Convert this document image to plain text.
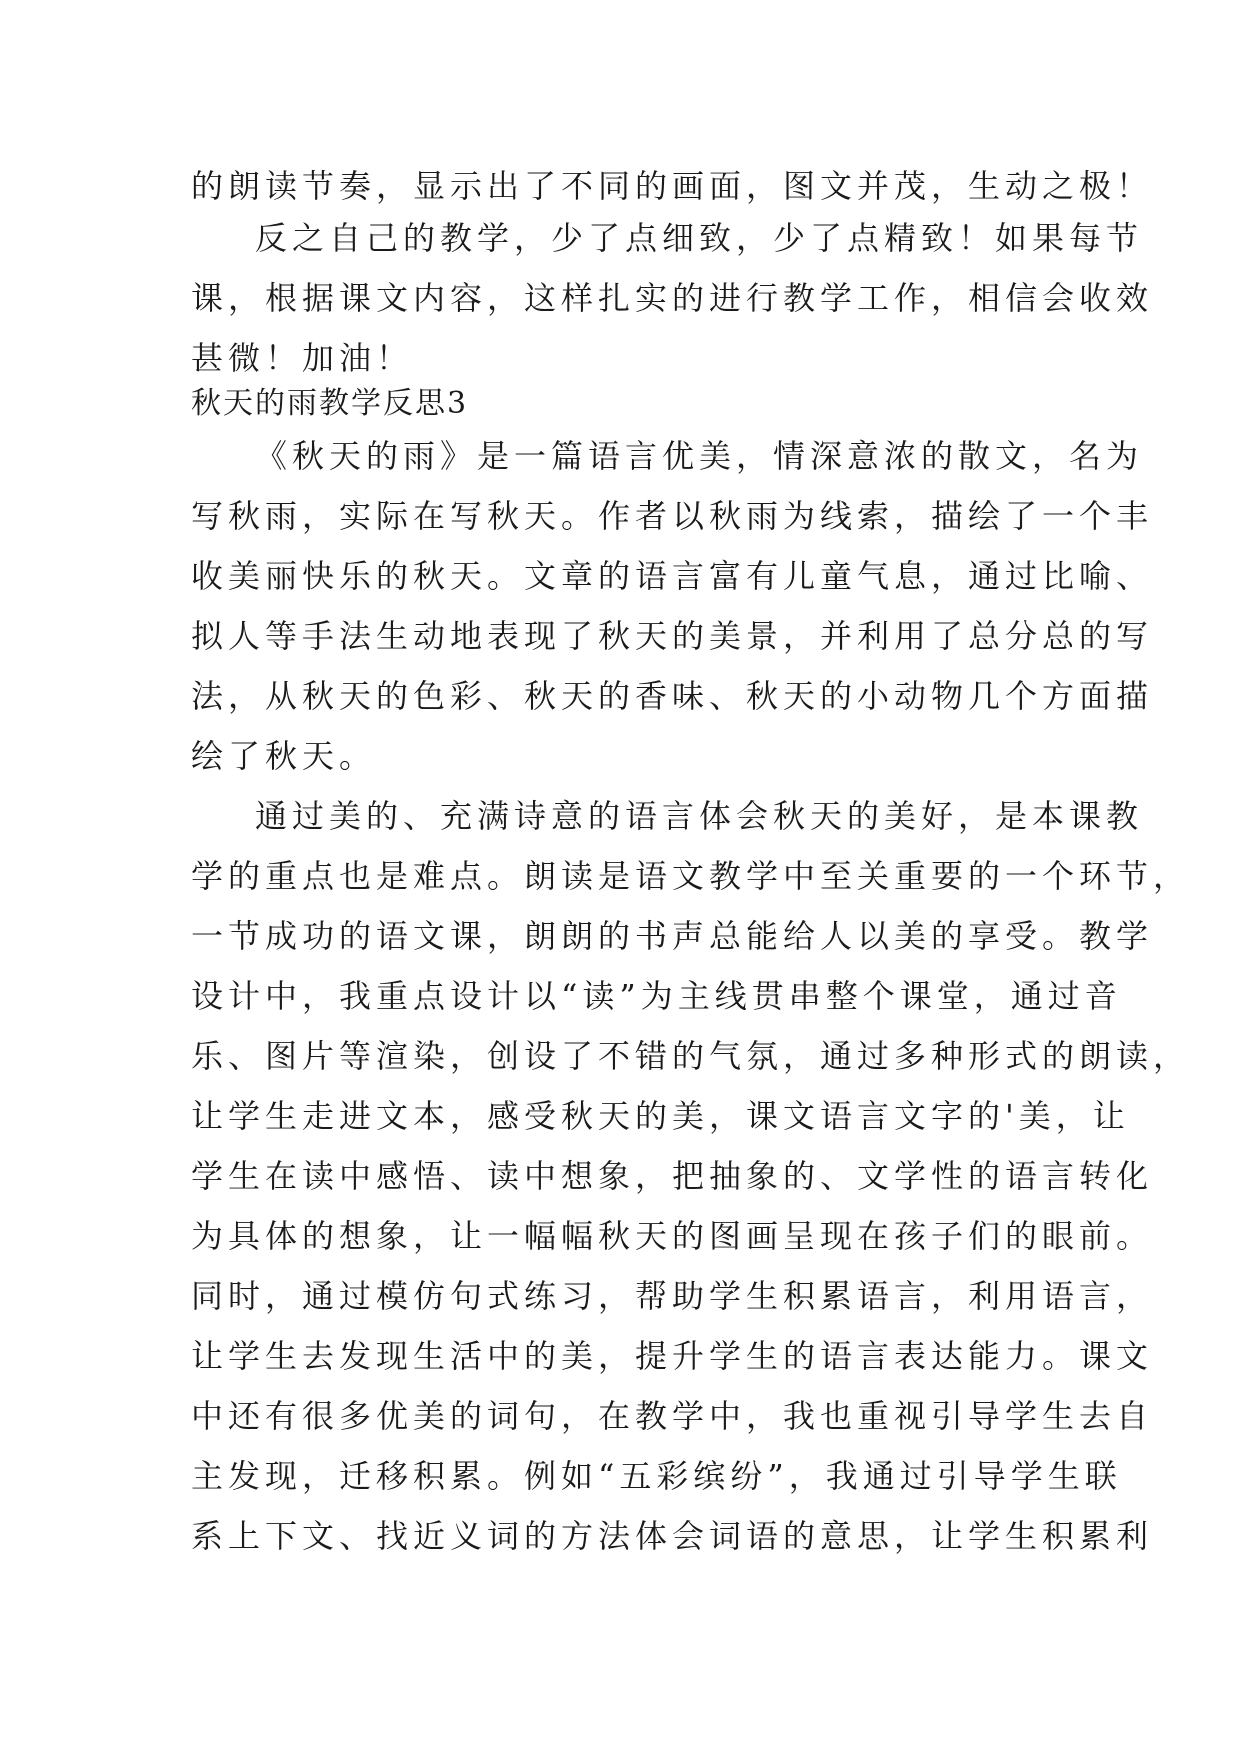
的朗读节奏，显示出了不同的画面，图文并茂，生动之极！
反之自己的教学，少了点细致，少了点精致！如果每节
课，根据课文内容，这样扎实的进行教学工作，相信会收效
甚微！加油！
秋天的雨教学反思3
《秋天的雨》是一篇语言优美，情深意浓的散文，名为
写秋雨，实际在写秋天。作者以秋雨为线索，描绘了一个丰
收美丽快乐的秋天。文章的语言富有儿童气息，通过比喻、
拟人等手法生动地表现了秋天的美景，并利用了总分总的写
法，从秋天的色彩、秋天的香味、秋天的小动物几个方面描
绘了秋天。
通过美的、充满诗意的语言体会秋天的美好，是本课教
学的重点也是难点。朗读是语文教学中至关重要的一个环节，
一节成功的语文课，朗朗的书声总能给人以美的享受。教学
设计中，我重点设计以“读”为主线贯串整个课堂，通过音
乐、图片等渲染，创设了不错的气氛，通过多种形式的朗读，
让学生走进文本，感受秋天的美，课文语言文字的'美，让
学生在读中感悟、读中想象，把抽象的、文学性的语言转化
为具体的想象，让一幅幅秋天的图画呈现在孩子们的眼前。
同时，通过模仿句式练习，帮助学生积累语言，利用语言，
让学生去发现生活中的美，提升学生的语言表达能力。课文
中还有很多优美的词句，在教学中，我也重视引导学生去自
主发现，迁移积累。例如“五彩缤纷”，我通过引导学生联
系上下文、找近义词的方法体会词语的意思，让学生积累利
